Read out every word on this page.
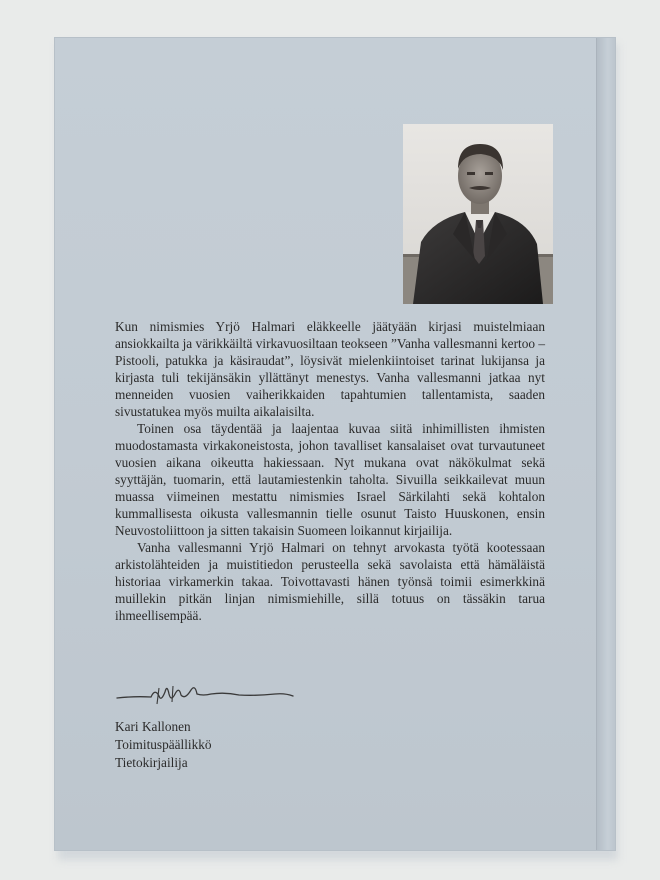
Kun nimismies Yrjö Halmari eläkkeelle jäätyään kirjasi muistelmiaan ansiokkailta ja värikkäiltä virkavuosiltaan teokseen ”Vanha vallesmanni kertoo – Pistooli, patukka ja käsiraudat”, löysivät mielenkiintoiset tarinat lukijansa ja kirjasta tuli tekijänsäkin yllättänyt menestys. Vanha vallesmanni jatkaa nyt menneiden vuosien vaiherikkaiden tapahtumien tallentamista, saaden sivustatukea myös muilta aikalaisilta.

Toinen osa täydentää ja laajentaa kuvaa siitä inhimillisten ihmisten muodostamasta virkakoneistosta, johon tavalliset kansalaiset ovat turvautuneet vuosien aikana oikeutta hakiessaan. Nyt mukana ovat näkökulmat sekä syyttäjän, tuomarin, että lautamiestenkin taholta. Sivuilla seikkailevat muun muassa viimeinen mestattu nimismies Israel Särkilahti sekä kohtalon kummallisesta oikusta vallesmannin tielle osunut Taisto Huuskonen, ensin Neuvostoliittoon ja sitten takaisin Suomeen loikannut kirjailija.

Vanha vallesmanni Yrjö Halmari on tehnyt arvokasta työtä kootessaan arkistolähteiden ja muistitiedon perusteella sekä savolaista että hämäläistä historiaa virkamerkin takaa. Toivottavasti hänen työnsä toimii esimerkkinä muillekin pitkän linjan nimismiehille, sillä totuus on tässäkin tarua ihmeellisempää.

Kari Kallonen
Toimituspäällikkö
Tietokirjailija
